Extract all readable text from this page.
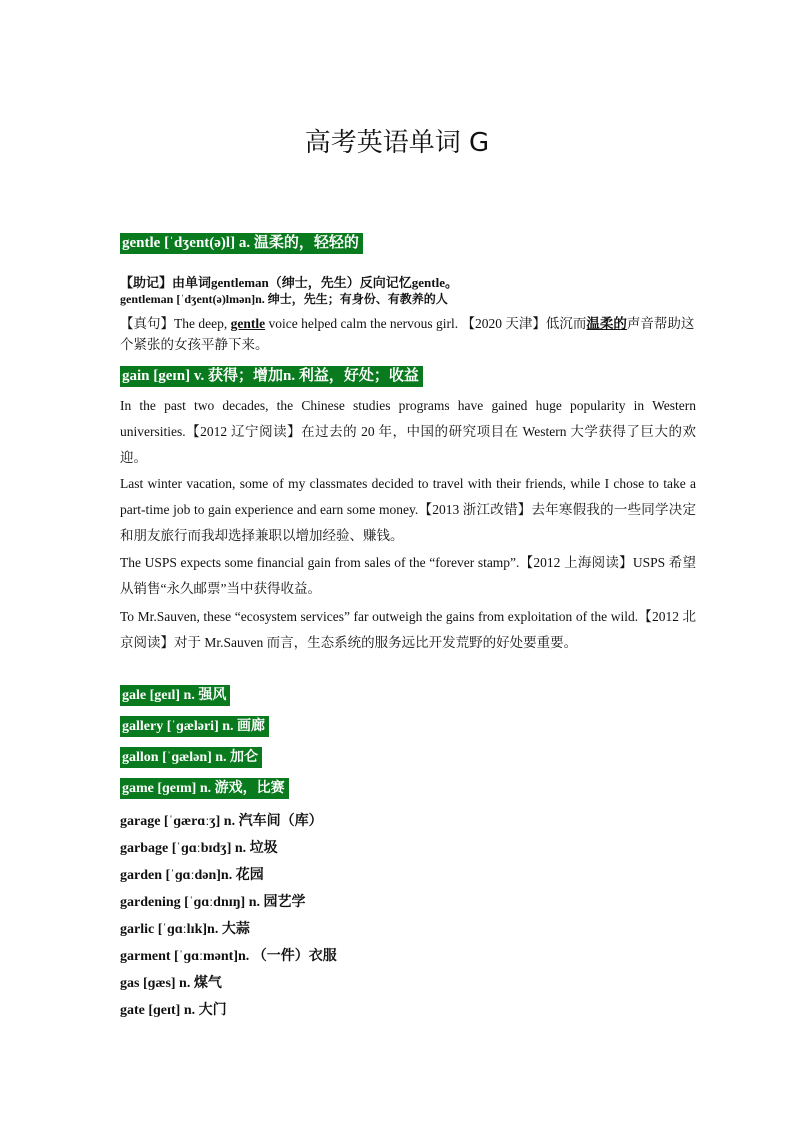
高考英语单词 G
gentle [ˈdʒent(ə)l] a. 温柔的，轻轻的
【助记】由单词gentleman（绅士，先生）反向记忆gentle。
gentleman [ˈdʒent(ə)lmən]n. 绅士，先生；有身份、有教养的人
【真句】The deep, gentle voice helped calm the nervous girl. 【2020 天津】低沉而温柔的声音帮助这个紧张的女孩平静下来。
gain [geɪn] v. 获得；增加n. 利益，好处；收益
In the past two decades, the Chinese studies programs have gained huge popularity in Western universities.【2012 辽宁阅读】在过去的 20 年，中国的研究项目在 Western 大学获得了巨大的欢迎。
Last winter vacation, some of my classmates decided to travel with their friends, while I chose to take a part-time job to gain experience and earn some money.【2013 浙江改错】去年寒假我的一些同学决定和朋友旅行而我却选择兼职以增加经验、赚钱。
The USPS expects some financial gain from sales of the “forever stamp”.【2012 上海阅读】USPS 希望从销售“永久邮票”当中获得收益。
To Mr.Sauven, these “ecosystem services” far outweigh the gains from exploitation of the wild.【2012 北京阅读】对于 Mr.Sauven 而言，生态系统的服务远比开发荒野的好处要重要。
gale [geɪl] n. 强风
gallery [ˈɡæləri] n. 画廊
gallon [ˈɡælən] n. 加仑
game [ɡeɪm] n. 游戏，比赛
garage [ˈɡærɑːʒ] n. 汽车间（库）
garbage [ˈɡɑːbɪdʒ] n. 垃圾
garden [ˈɡɑːdən]n. 花园
gardening [ˈɡɑːdnɪŋ] n. 园艺学
garlic [ˈɡɑːlɪk]n. 大蒜
garment [ˈɡɑːmənt]n. （一件）衣服
gas [ɡæs] n. 煤气
gate [ɡeɪt] n. 大门
